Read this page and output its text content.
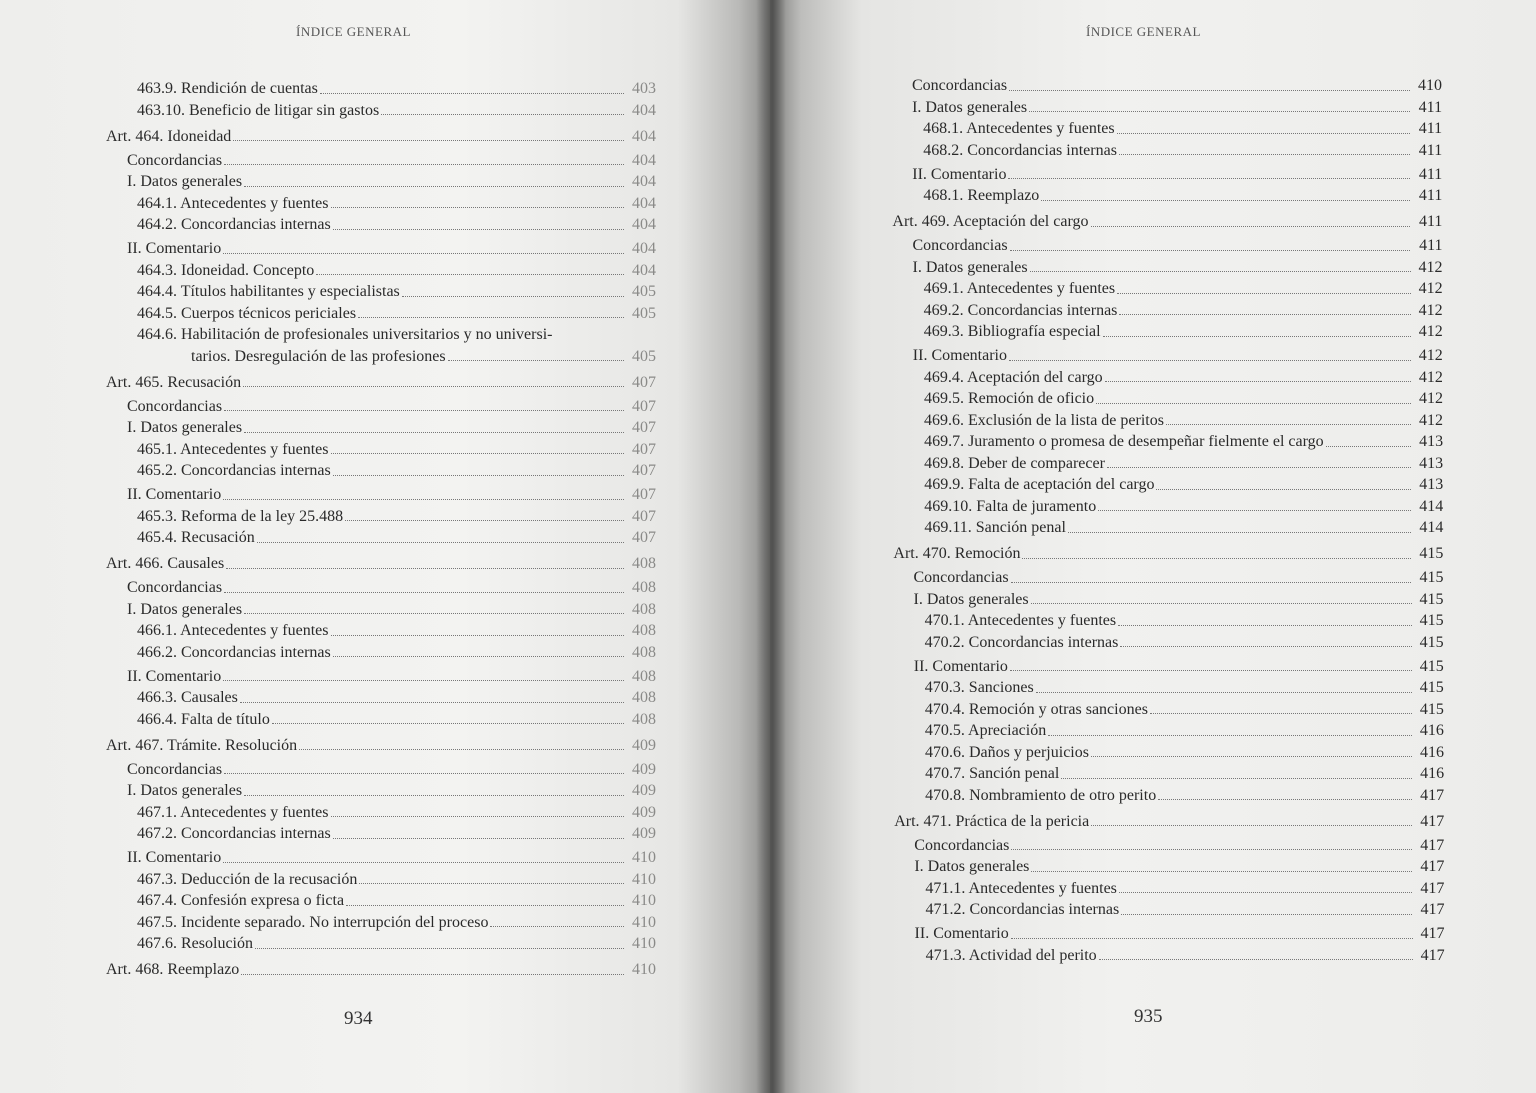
ÍNDICE GENERAL	ÍNDICE GENERAL
463.9. Rendición de cuentas	403
463.10. Beneficio de litigar sin gastos	404
Art. 464. Idoneidad	404
Concordancias	404
I. Datos generales	404
464.1. Antecedentes y fuentes	404
464.2. Concordancias internas	404
II. Comentario	404
464.3. Idoneidad. Concepto	404
464.4. Títulos habilitantes y especialistas	405
464.5. Cuerpos técnicos periciales	405
464.6. Habilitación de profesionales universitarios y no universi-
tarios. Desregulación de las profesiones	405
Art. 465. Recusación	407
Concordancias	407
I. Datos generales	407
465.1. Antecedentes y fuentes	407
465.2. Concordancias internas	407
II. Comentario	407
465.3. Reforma de la ley 25.488	407
465.4. Recusación	407
Art. 466. Causales	408
Concordancias	408
I. Datos generales	408
466.1. Antecedentes y fuentes	408
466.2. Concordancias internas	408
II. Comentario	408
466.3. Causales	408
466.4. Falta de título	408
Art. 467. Trámite. Resolución	409
Concordancias	409
I. Datos generales	409
467.1. Antecedentes y fuentes	409
467.2. Concordancias internas	409
II. Comentario	410
467.3. Deducción de la recusación	410
467.4. Confesión expresa o ficta	410
467.5. Incidente separado. No interrupción del proceso	410
467.6. Resolución	410
Art. 468. Reemplazo	410
Concordancias	410
I. Datos generales	411
468.1. Antecedentes y fuentes	411
468.2. Concordancias internas	411
II. Comentario	411
468.1. Reemplazo	411
Art. 469. Aceptación del cargo	411
Concordancias	411
I. Datos generales	412
469.1. Antecedentes y fuentes	412
469.2. Concordancias internas	412
469.3. Bibliografía especial	412
II. Comentario	412
469.4. Aceptación del cargo	412
469.5. Remoción de oficio	412
469.6. Exclusión de la lista de peritos	412
469.7. Juramento o promesa de desempeñar fielmente el cargo	413
469.8. Deber de comparecer	413
469.9. Falta de aceptación del cargo	413
469.10. Falta de juramento	414
469.11. Sanción penal	414
Art. 470. Remoción	415
Concordancias	415
I. Datos generales	415
470.1. Antecedentes y fuentes	415
470.2. Concordancias internas	415
II. Comentario	415
470.3. Sanciones	415
470.4. Remoción y otras sanciones	415
470.5. Apreciación	416
470.6. Daños y perjuicios	416
470.7. Sanción penal	416
470.8. Nombramiento de otro perito	417
Art. 471. Práctica de la pericia	417
Concordancias	417
I. Datos generales	417
471.1. Antecedentes y fuentes	417
471.2. Concordancias internas	417
II. Comentario	417
471.3. Actividad del perito	417
934	935
